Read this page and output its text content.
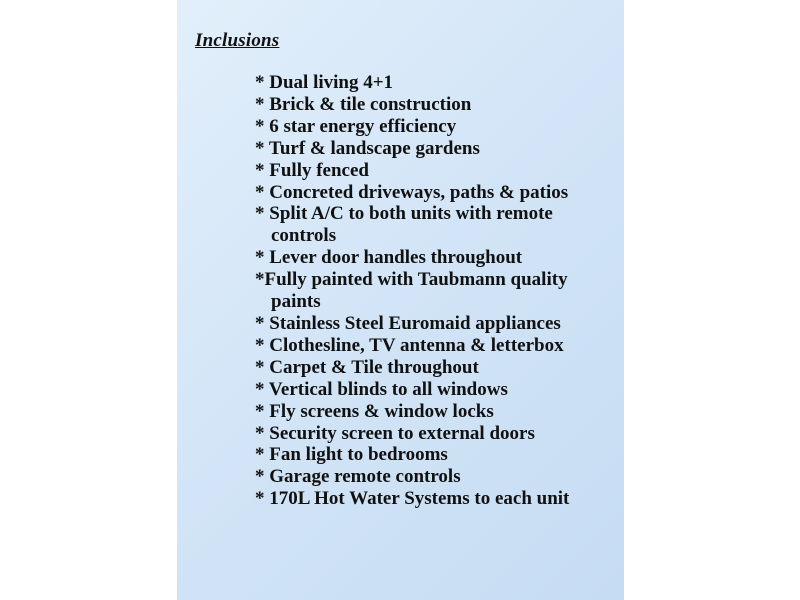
Inclusions
* Dual living 4+1
* Brick & tile construction
* 6 star energy efficiency
* Turf & landscape gardens
* Fully fenced
* Concreted driveways, paths & patios
* Split A/C to both units with remote
controls
* Lever door handles throughout
*Fully painted with Taubmann quality
paints
* Stainless Steel Euromaid appliances
* Clothesline, TV antenna & letterbox
* Carpet & Tile throughout
* Vertical blinds to all windows
* Fly screens & window locks
* Security screen to external doors
* Fan light to bedrooms
* Garage remote controls
* 170L Hot Water Systems to each unit
